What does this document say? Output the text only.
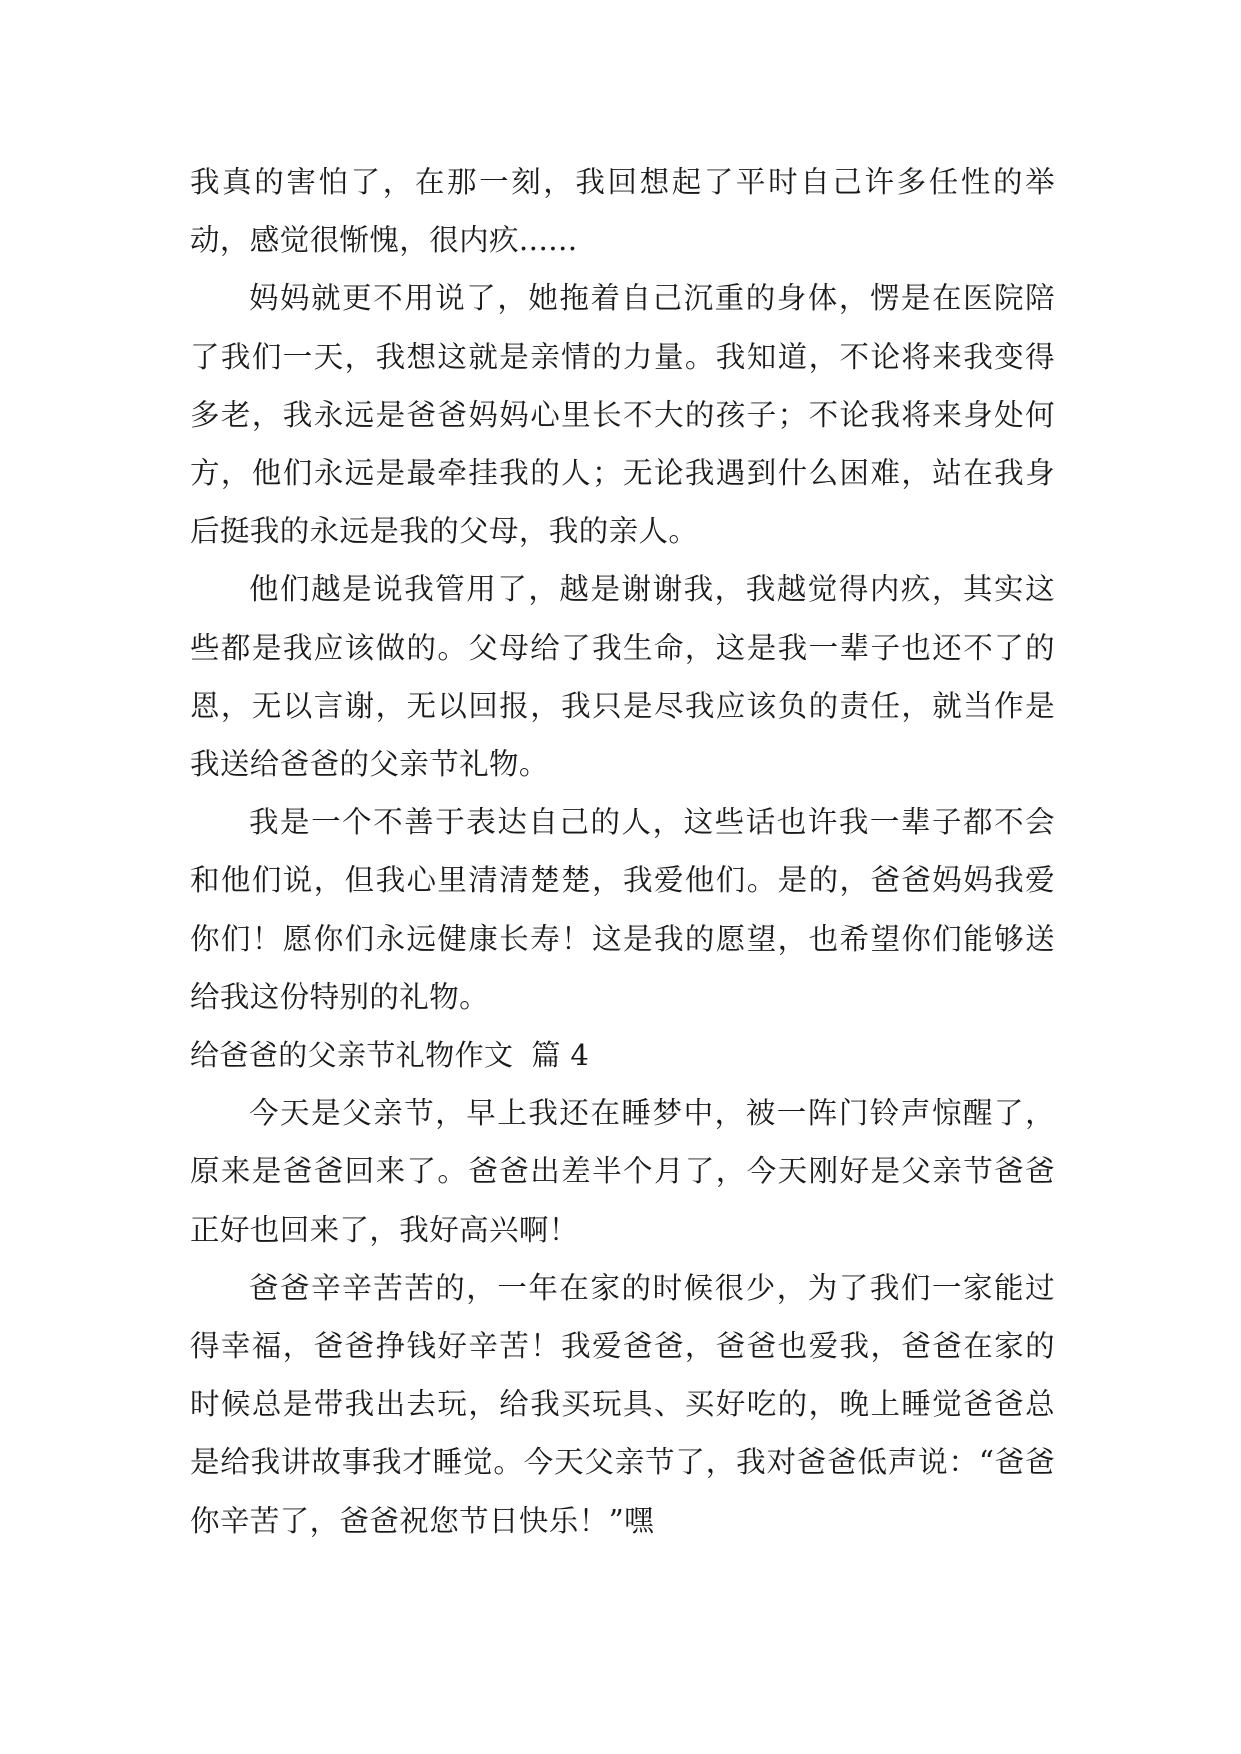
我真的害怕了，在那一刻，我回想起了平时自己许多任性的举动，感觉很惭愧，很内疚......

妈妈就更不用说了，她拖着自己沉重的身体，愣是在医院陪了我们一天，我想这就是亲情的力量。我知道，不论将来我变得多老，我永远是爸爸妈妈心里长不大的孩子；不论我将来身处何方，他们永远是最牵挂我的人；无论我遇到什么困难，站在我身后挺我的永远是我的父母，我的亲人。

他们越是说我管用了，越是谢谢我，我越觉得内疚，其实这些都是我应该做的。父母给了我生命，这是我一辈子也还不了的恩，无以言谢，无以回报，我只是尽我应该负的责任，就当作是我送给爸爸的父亲节礼物。

我是一个不善于表达自己的人，这些话也许我一辈子都不会和他们说，但我心里清清楚楚，我爱他们。是的，爸爸妈妈我爱你们！愿你们永远健康长寿！这是我的愿望，也希望你们能够送给我这份特别的礼物。

给爸爸的父亲节礼物作文 篇 4

今天是父亲节，早上我还在睡梦中，被一阵门铃声惊醒了，原来是爸爸回来了。爸爸出差半个月了，今天刚好是父亲节爸爸正好也回来了，我好高兴啊！

爸爸辛辛苦苦的，一年在家的时候很少，为了我们一家能过得幸福，爸爸挣钱好辛苦！我爱爸爸，爸爸也爱我，爸爸在家的时候总是带我出去玩，给我买玩具、买好吃的，晚上睡觉爸爸总是给我讲故事我才睡觉。今天父亲节了，我对爸爸低声说：“爸爸你辛苦了，爸爸祝您节日快乐！”嘿
